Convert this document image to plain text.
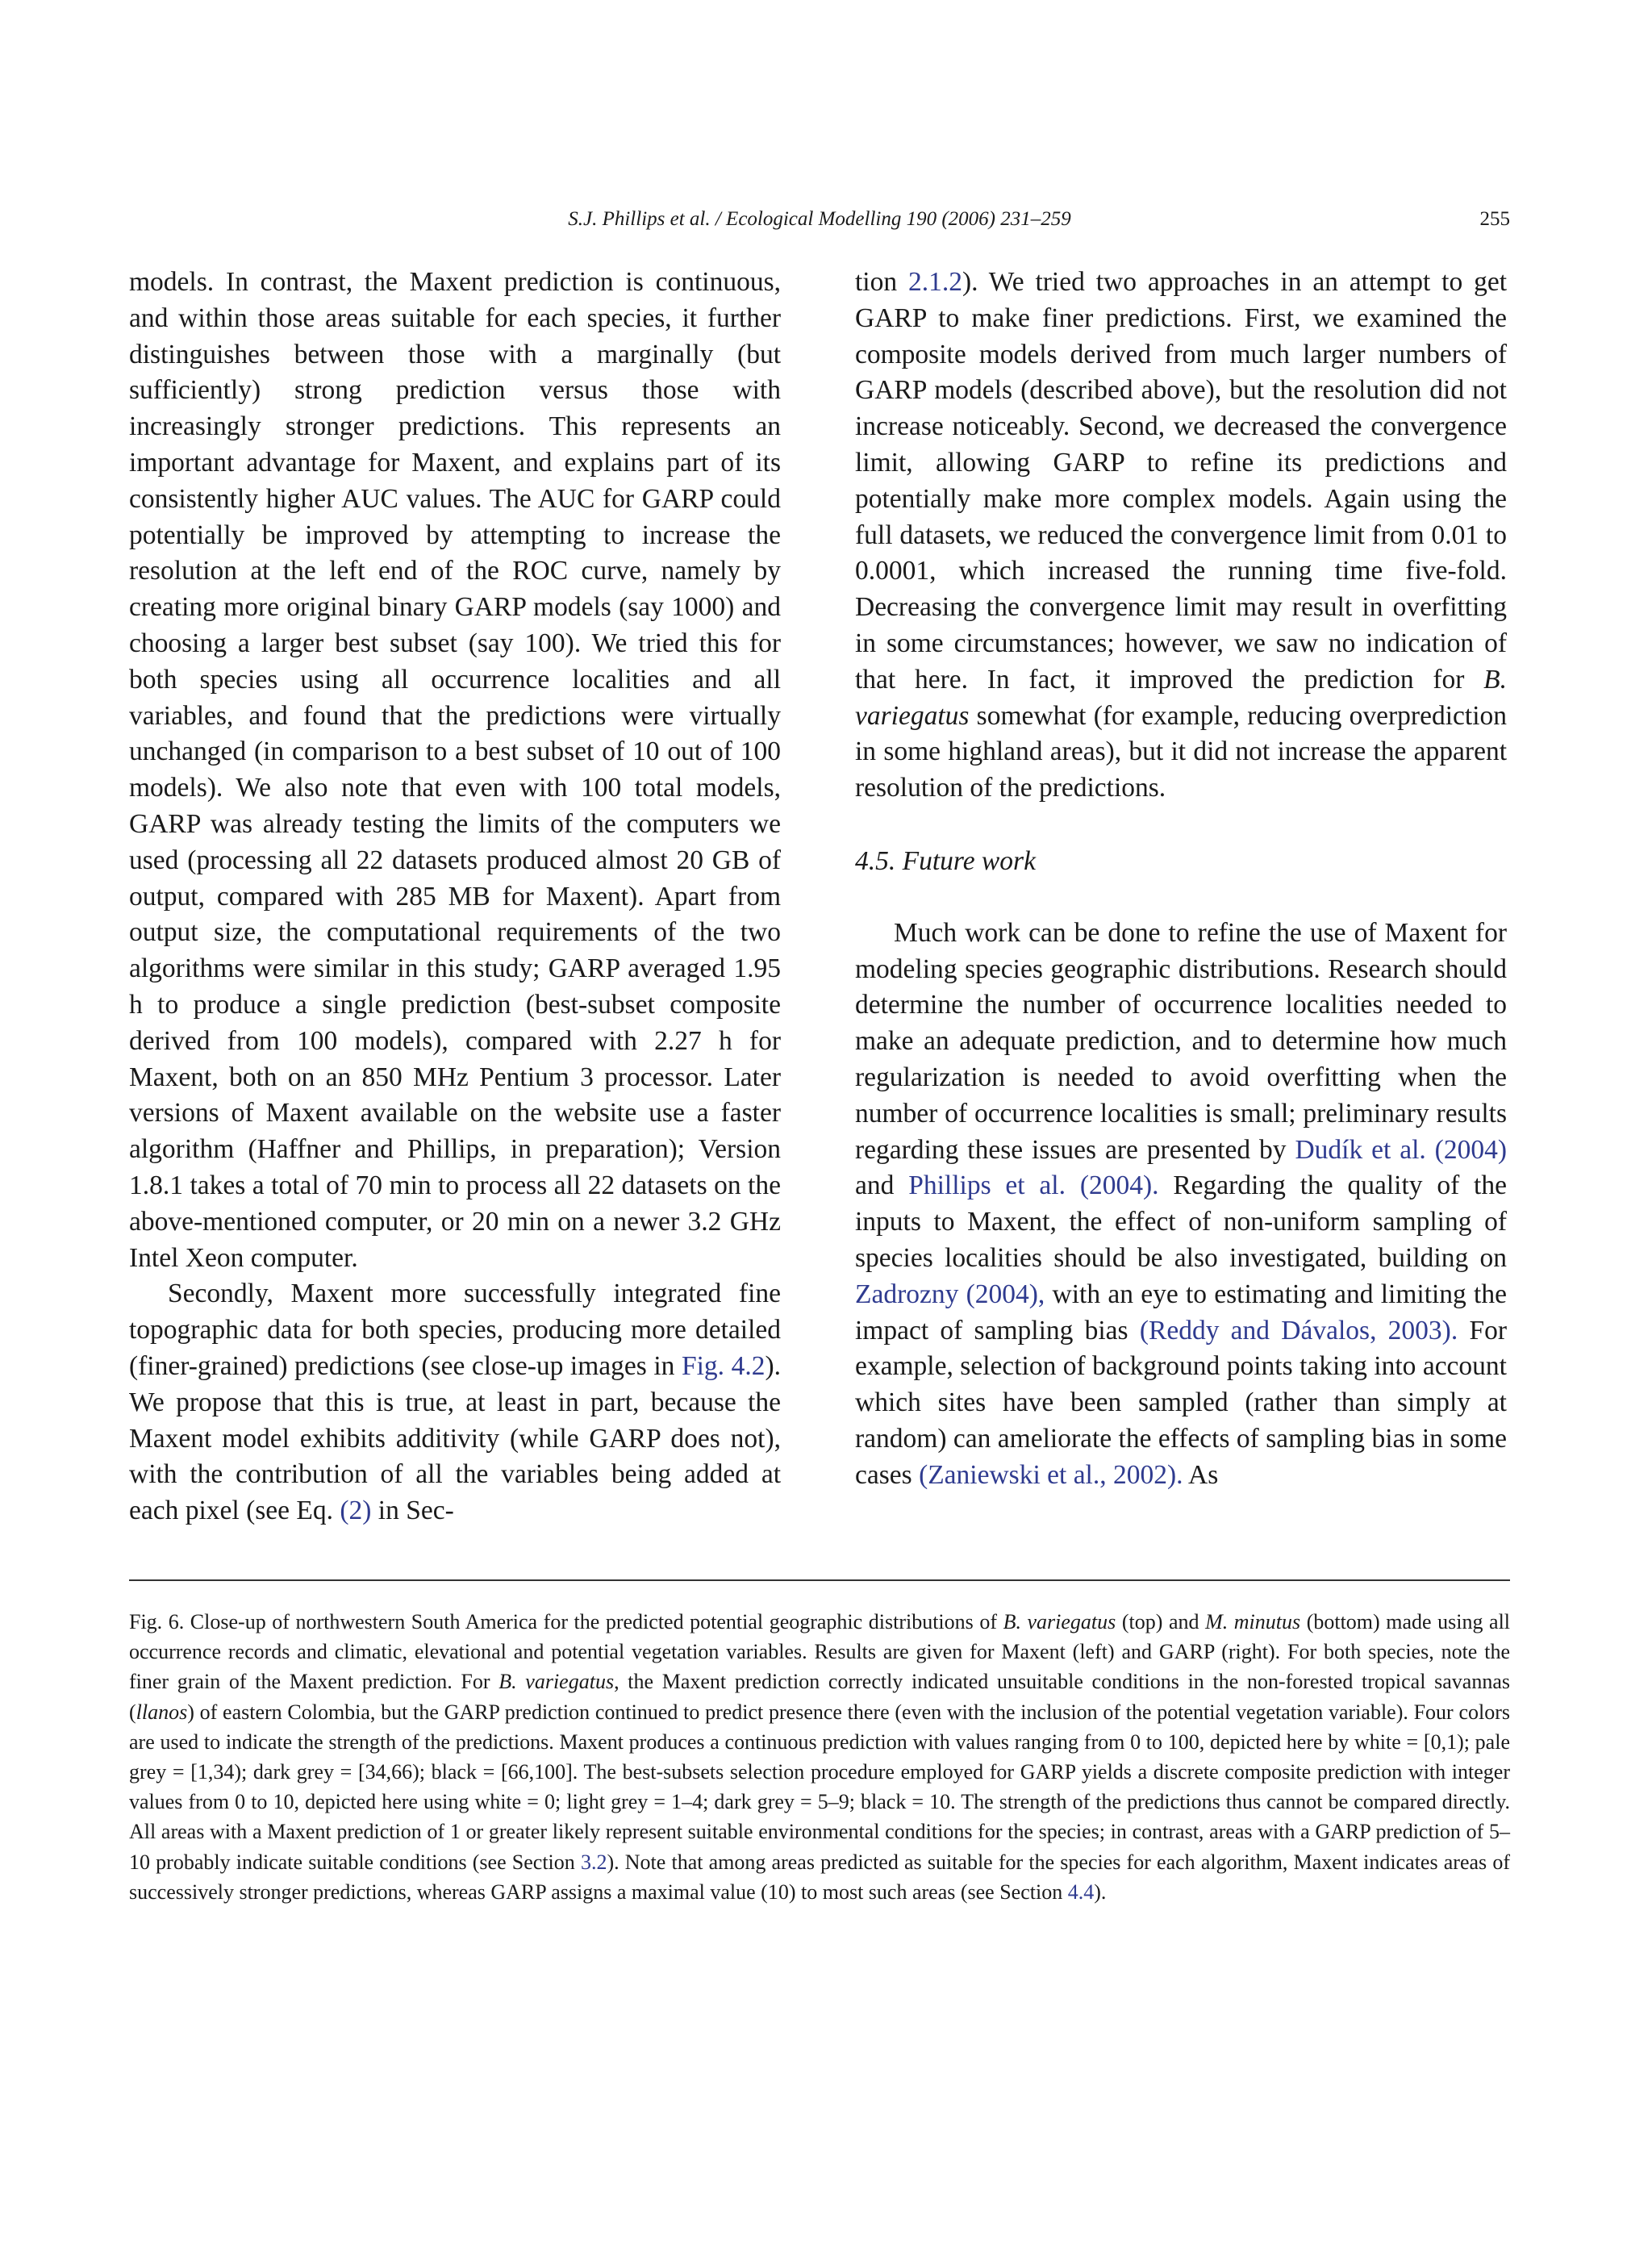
S.J. Phillips et al. / Ecological Modelling 190 (2006) 231–259	255

models. In contrast, the Maxent prediction is continuous, and within those areas suitable for each species, it further distinguishes between those with a marginally (but sufficiently) strong prediction versus those with increasingly stronger predictions. This represents an important advantage for Maxent, and explains part of its consistently higher AUC values. The AUC for GARP could potentially be improved by attempting to increase the resolution at the left end of the ROC curve, namely by creating more original binary GARP models (say 1000) and choosing a larger best subset (say 100). We tried this for both species using all occurrence localities and all variables, and found that the predictions were virtually unchanged (in comparison to a best subset of 10 out of 100 models). We also note that even with 100 total models, GARP was already testing the limits of the computers we used (processing all 22 datasets produced almost 20 GB of output, compared with 285 MB for Maxent). Apart from output size, the computational requirements of the two algorithms were similar in this study; GARP averaged 1.95 h to produce a single prediction (best-subset composite derived from 100 models), compared with 2.27 h for Maxent, both on an 850 MHz Pentium 3 processor. Later versions of Maxent available on the website use a faster algorithm (Haffner and Phillips, in preparation); Version 1.8.1 takes a total of 70 min to process all 22 datasets on the above-mentioned computer, or 20 min on a newer 3.2 GHz Intel Xeon computer.

Secondly, Maxent more successfully integrated fine topographic data for both species, producing more detailed (finer-grained) predictions (see close-up images in Fig. 4.2). We propose that this is true, at least in part, because the Maxent model exhibits additivity (while GARP does not), with the contribution of all the variables being added at each pixel (see Eq. (2) in Sec-

tion 2.1.2). We tried two approaches in an attempt to get GARP to make finer predictions. First, we examined the composite models derived from much larger numbers of GARP models (described above), but the resolution did not increase noticeably. Second, we decreased the convergence limit, allowing GARP to refine its predictions and potentially make more complex models. Again using the full datasets, we reduced the convergence limit from 0.01 to 0.0001, which increased the running time five-fold. Decreasing the convergence limit may result in overfitting in some circumstances; however, we saw no indication of that here. In fact, it improved the prediction for B. variegatus somewhat (for example, reducing overprediction in some highland areas), but it did not increase the apparent resolution of the predictions.

4.5. Future work

Much work can be done to refine the use of Maxent for modeling species geographic distributions. Research should determine the number of occurrence localities needed to make an adequate prediction, and to determine how much regularization is needed to avoid overfitting when the number of occurrence localities is small; preliminary results regarding these issues are presented by Dudík et al. (2004) and Phillips et al. (2004). Regarding the quality of the inputs to Maxent, the effect of non-uniform sampling of species localities should be also investigated, building on Zadrozny (2004), with an eye to estimating and limiting the impact of sampling bias (Reddy and Dávalos, 2003). For example, selection of background points taking into account which sites have been sampled (rather than simply at random) can ameliorate the effects of sampling bias in some cases (Zaniewski et al., 2002). As

Fig. 6. Close-up of northwestern South America for the predicted potential geographic distributions of B. variegatus (top) and M. minutus (bottom) made using all occurrence records and climatic, elevational and potential vegetation variables. Results are given for Maxent (left) and GARP (right). For both species, note the finer grain of the Maxent prediction. For B. variegatus, the Maxent prediction correctly indicated unsuitable conditions in the non-forested tropical savannas (llanos) of eastern Colombia, but the GARP prediction continued to predict presence there (even with the inclusion of the potential vegetation variable). Four colors are used to indicate the strength of the predictions. Maxent produces a continuous prediction with values ranging from 0 to 100, depicted here by white = [0,1); pale grey = [1,34); dark grey = [34,66); black = [66,100]. The best-subsets selection procedure employed for GARP yields a discrete composite prediction with integer values from 0 to 10, depicted here using white = 0; light grey = 1–4; dark grey = 5–9; black = 10. The strength of the predictions thus cannot be compared directly. All areas with a Maxent prediction of 1 or greater likely represent suitable environmental conditions for the species; in contrast, areas with a GARP prediction of 5–10 probably indicate suitable conditions (see Section 3.2). Note that among areas predicted as suitable for the species for each algorithm, Maxent indicates areas of successively stronger predictions, whereas GARP assigns a maximal value (10) to most such areas (see Section 4.4).
